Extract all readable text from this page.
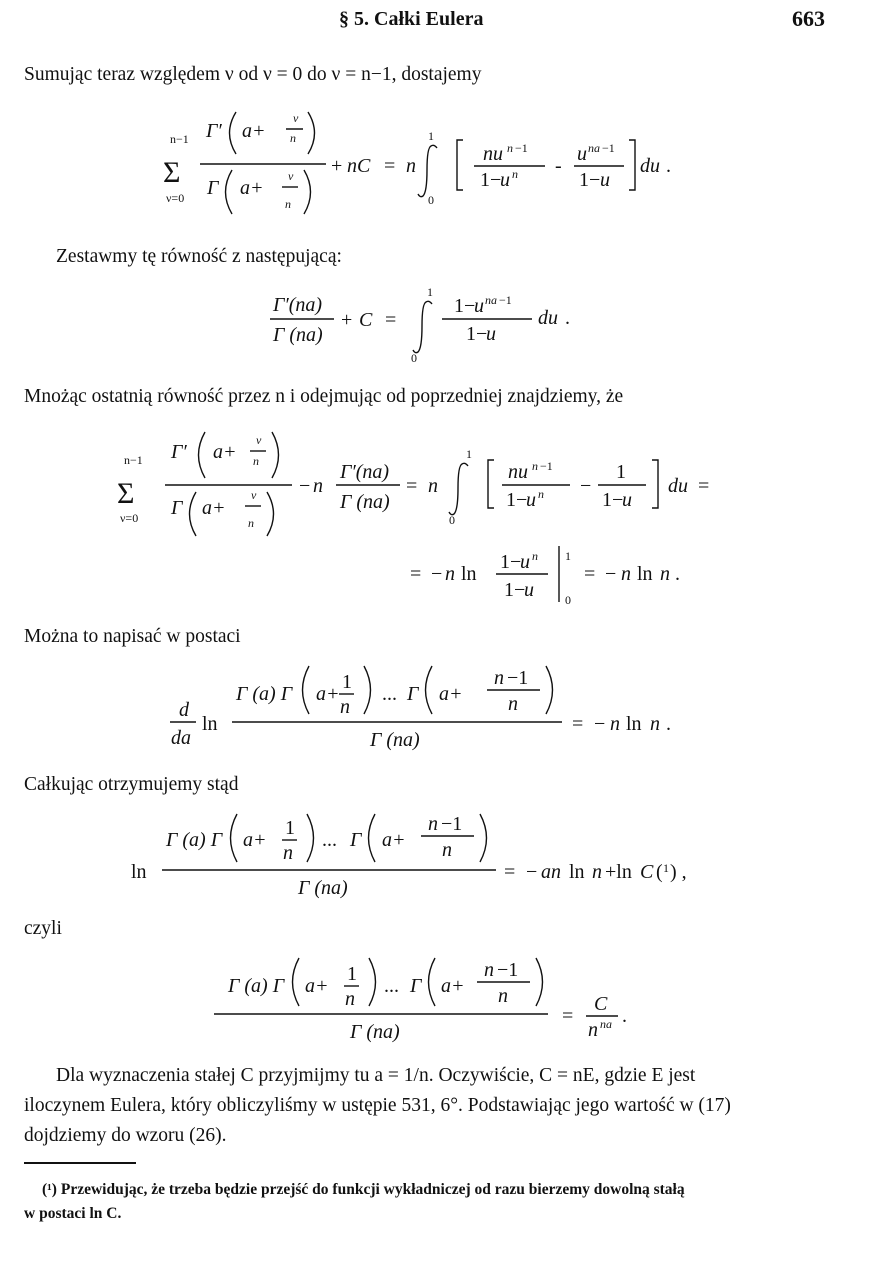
§ 5. Całki Eulera	663
Sumując teraz względem ν od ν = 0 do ν = n−1, dostajemy
n−1
Σ
ν=0
Γ′ a+
ν
n
Γ a+
ν
n
+ nC = n
1
0
nu n −1
1−
u n -
u na −1
1− u
du .
Zestawmy tę równość z następującą:
Γ′(na)
Γ (na)
+ C =
1
0
1−
u na −1
1−
u
du .
Mnożąc ostatnią równość przez n i odejmując od poprzedniej znajdziemy, że
n−1
Σ
ν=0
Γ′ a+
ν
n
Γ a+
ν
n
− n
Γ′(na)
Γ (na)
= n
1
0
nu n −1
1−
u n −
1
1−
u
du =
= − n ln
1−
u n
1−
u
1
0
= − n ln n .
Można to napisać w postaci
d
da
ln
Γ (a) Γ a+
1
n
... Γ a+
n −1
n
Γ (na)
= − n ln n .
Całkując otrzymujemy stąd
ln
Γ (a) Γ a+
1
n
... Γ a+
n −1
n
Γ (na)
= − an ln n +ln C ( 1 ) ,
czyli
Γ (a) Γ a+
1
n
... Γ a+
n −1
n
Γ (na)
=
C
n na .
Dla wyznaczenia stałej C przyjmijmy tu a = 1/n. Oczywiście, C = nE, gdzie E jest
iloczynem Eulera, który obliczyliśmy w ustępie 531, 6°. Podstawiając jego wartość w (17)
dojdziemy do wzoru (26).
(¹) Przewidując, że trzeba będzie przejść do funkcji wykładniczej od razu bierzemy dowolną stałą
w postaci ln C.
